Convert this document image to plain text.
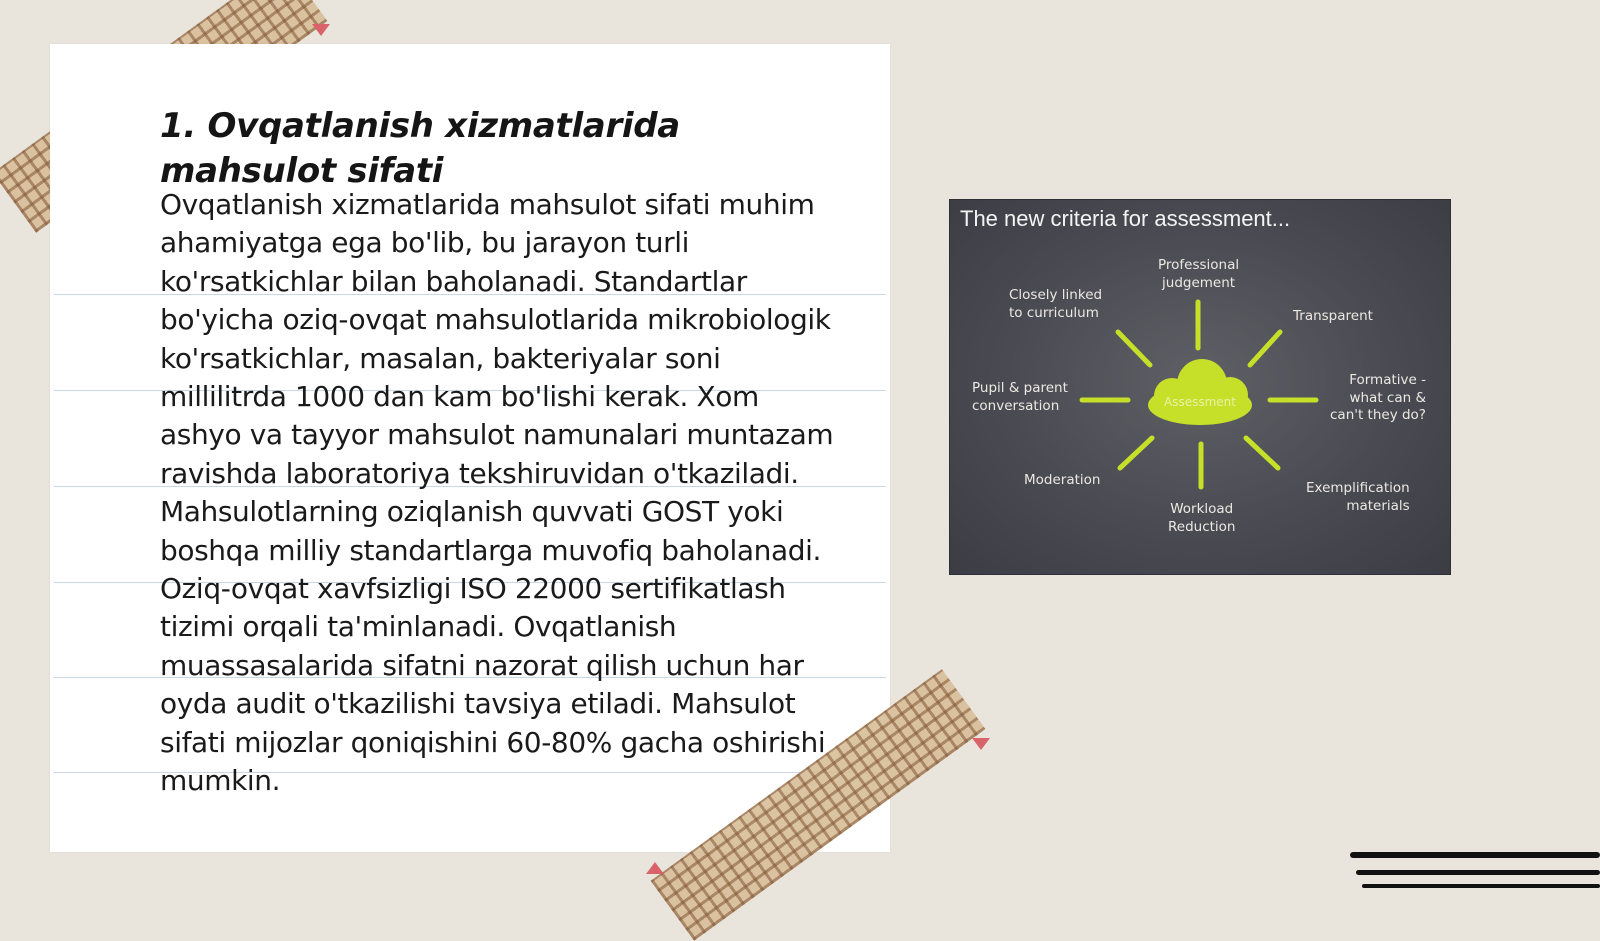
1. Ovqatlanish xizmatlarida mahsulot sifati

Ovqatlanish xizmatlarida mahsulot sifati muhim ahamiyatga ega bo'lib, bu jarayon turli ko'rsatkichlar bilan baholanadi. Standartlar bo'yicha oziq-ovqat mahsulotlarida mikrobiologik ko'rsatkichlar, masalan, bakteriyalar soni millilitrda 1000 dan kam bo'lishi kerak. Xom ashyo va tayyor mahsulot namunalari muntazam ravishda laboratoriya tekshiruvidan o'tkaziladi. Mahsulotlarning oziqlanish quvvati GOST yoki boshqa milliy standartlarga muvofiq baholanadi. Oziq-ovqat xavfsizligi ISO 22000 sertifikatlash tizimi orqali ta'minlanadi. Ovqatlanish muassasalarida sifatni nazorat qilish uchun har oyda audit o'tkazilishi tavsiya etiladi. Mahsulot sifati mijozlar qoniqishini 60-80% gacha oshirishi mumkin.

The new criteria for assessment...
Assessment
Professional
judgement
Closely linked
to curriculum	Transparent
Pupil & parent
conversation
Formative -
what can &
can't they do?
Moderation
Workload
Reduction
Exemplification
materials
